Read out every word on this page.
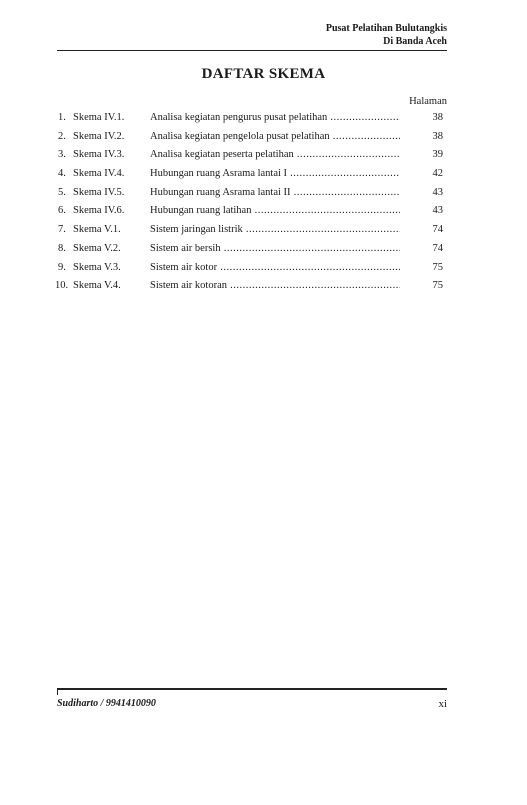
Pusat Pelatihan Bulutangkis
Di Banda Aceh
DAFTAR SKEMA
Halaman
1. Skema IV.1. Analisa kegiatan pengurus pusat pelatihan .....	38
2. Skema IV.2. Analisa kegiatan pengelola pusat pelatihan .....	38
3. Skema IV.3. Analisa kegiatan peserta pelatihan .....	39
4. Skema IV.4. Hubungan ruang Asrama lantai I .....	42
5. Skema IV.5. Hubungan ruang Asrama lantai II .....	43
6. Skema IV.6. Hubungan ruang latihan .....	43
7. Skema V.1.	Sistem jaringan listrik .....	74
8. Skema V.2.	Sistem air bersih .....	74
9. Skema V.3.	Sistem air kotor .....	75
10. Skema V.4.	Sistem air kotoran .....	75
Sudiharto / 9941410090	xi
